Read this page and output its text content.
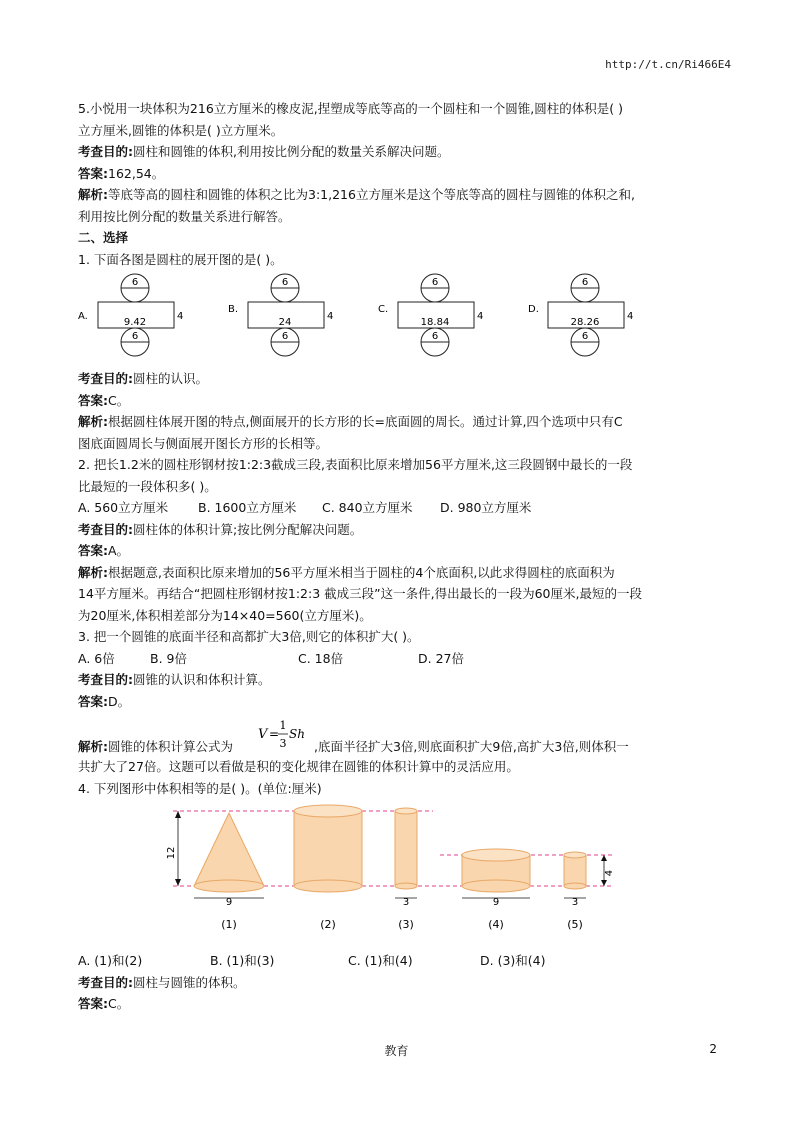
http://t.cn/Ri466E4

5.小悦用一块体积为216立方厘米的橡皮泥,捏塑成等底等高的一个圆柱和一个圆锥,圆柱的体积是( )

立方厘米,圆锥的体积是( )立方厘米。

考查目的:圆柱和圆锥的体积,利用按比例分配的数量关系解决问题。

答案:162,54。

解析:等底等高的圆柱和圆锥的体积之比为3:1,216立方厘米是这个等底等高的圆柱与圆锥的体积之和,

利用按比例分配的数量关系进行解答。

二、选择

1. 下面各图是圆柱的展开图的是( )。

A.
6
9.42
4
6
B.
6
24
4
6
C.
6
18.84
4
6
D.
6
28.26
4
6

考查目的:圆柱的认识。

答案:C。

解析:根据圆柱体展开图的特点,侧面展开的长方形的长=底面圆的周长。通过计算,四个选项中只有C

图底面圆周长与侧面展开图长方形的长相等。

2. 把长1.2米的圆柱形钢材按1:2:3截成三段,表面积比原来增加56平方厘米,这三段圆钢中最长的一段

比最短的一段体积多( )。

A. 560立方厘米 B. 1600立方厘米 C. 840立方厘米 D. 980立方厘米

考查目的:圆柱体的体积计算;按比例分配解决问题。

答案:A。

解析:根据题意,表面积比原来增加的56平方厘米相当于圆柱的4个底面积,以此求得圆柱的底面积为

14平方厘米。再结合“把圆柱形钢材按1:2:3 截成三段”这一条件,得出最长的一段为60厘米,最短的一段

为20厘米,体积相差部分为14×40=560(立方厘米)。

3. 把一个圆锥的底面半径和高都扩大3倍,则它的体积扩大( )。

A. 6倍	B. 9倍	C. 18倍	D. 27倍

考查目的:圆锥的认识和体积计算。

答案:D。

解析:圆锥的体积计算公式为
V =
1
3
Sh
,底面半径扩大3倍,则底面积扩大9倍,高扩大3倍,则体积一

共扩大了27倍。这题可以看做是积的变化规律在圆锥的体积计算中的灵活应用。

4. 下列图形中体积相等的是( )。(单位:厘米)

12
9	3	9	3
4
(1)	(2)	(3)	(4)	(5)

A. (1)和(2)	B. (1)和(3)	C. (1)和(4)	D. (3)和(4)

考查目的:圆柱与圆锥的体积。

答案:C。

教育	2
